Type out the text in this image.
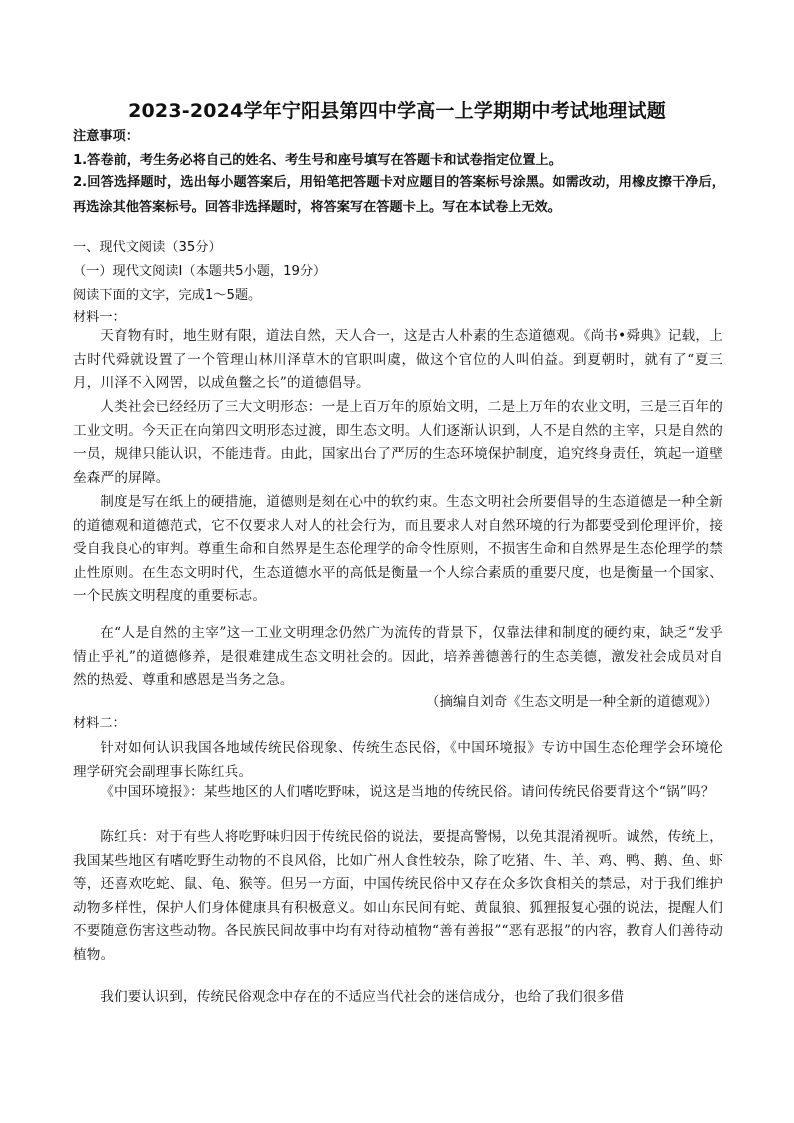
2023-2024学年宁阳县第四中学高一上学期期中考试地理试题
注意事项：
1.答卷前，考生务必将自己的姓名、考生号和座号填写在答题卡和试卷指定位置上。
2.回答选择题时，选出每小题答案后，用铅笔把答题卡对应题目的答案标号涂黑。如需改动，用橡皮擦干净后，再选涂其他答案标号。回答非选择题时，将答案写在答题卡上。写在本试卷上无效。
一、现代文阅读（35分）
（一）现代文阅读Ⅰ（本题共5小题，19分）
阅读下面的文字，完成1～5题。
材料一：
天育物有时，地生财有限，道法自然，天人合一，这是古人朴素的生态道德观。《尚书•舜典》记载，上古时代舜就设置了一个管理山林川泽草木的官职叫虞，做这个官位的人叫伯益。到夏朝时，就有了“夏三月，川泽不入网罟，以成鱼鳖之长”的道德倡导。
人类社会已经经历了三大文明形态：一是上百万年的原始文明，二是上万年的农业文明，三是三百年的工业文明。今天正在向第四文明形态过渡，即生态文明。人们逐渐认识到，人不是自然的主宰，只是自然的一员，规律只能认识，不能违背。由此，国家出台了严厉的生态环境保护制度，追究终身责任，筑起一道壁垒森严的屏障。
制度是写在纸上的硬措施，道德则是刻在心中的软约束。生态文明社会所要倡导的生态道德是一种全新的道德观和道德范式，它不仅要求人对人的社会行为，而且要求人对自然环境的行为都要受到伦理评价，接受自我良心的审判。尊重生命和自然界是生态伦理学的命令性原则，不损害生命和自然界是生态伦理学的禁止性原则。在生态文明时代，生态道德水平的高低是衡量一个人综合素质的重要尺度，也是衡量一个国家、一个民族文明程度的重要标志。
在“人是自然的主宰”这一工业文明理念仍然广为流传的背景下，仅靠法律和制度的硬约束，缺乏“发乎情止乎礼”的道德修养，是很难建成生态文明社会的。因此，培养善德善行的生态美德，激发社会成员对自然的热爱、尊重和感恩是当务之急。
（摘编自刘奇《生态文明是一种全新的道德观》）
材料二：
针对如何认识我国各地域传统民俗现象、传统生态民俗，《中国环境报》专访中国生态伦理学会环境伦理学研究会副理事长陈红兵。
《中国环境报》：某些地区的人们嗜吃野味，说这是当地的传统民俗。请问传统民俗要背这个“锅”吗？
陈红兵：对于有些人将吃野味归因于传统民俗的说法，要提高警惕，以免其混淆视听。诚然，传统上，我国某些地区有嗜吃野生动物的不良风俗，比如广州人食性较杂，除了吃猪、牛、羊、鸡、鸭、鹅、鱼、虾等，还喜欢吃蛇、鼠、龟、猴等。但另一方面，中国传统民俗中又存在众多饮食相关的禁忌，对于我们维护动物多样性，保护人们身体健康具有积极意义。如山东民间有蛇、黄鼠狼、狐狸报复心强的说法，提醒人们不要随意伤害这些动物。各民族民间故事中均有对待动植物“善有善报”“恶有恶报”的内容，教育人们善待动植物。
我们要认识到，传统民俗观念中存在的不适应当代社会的迷信成分，也给了我们很多借
